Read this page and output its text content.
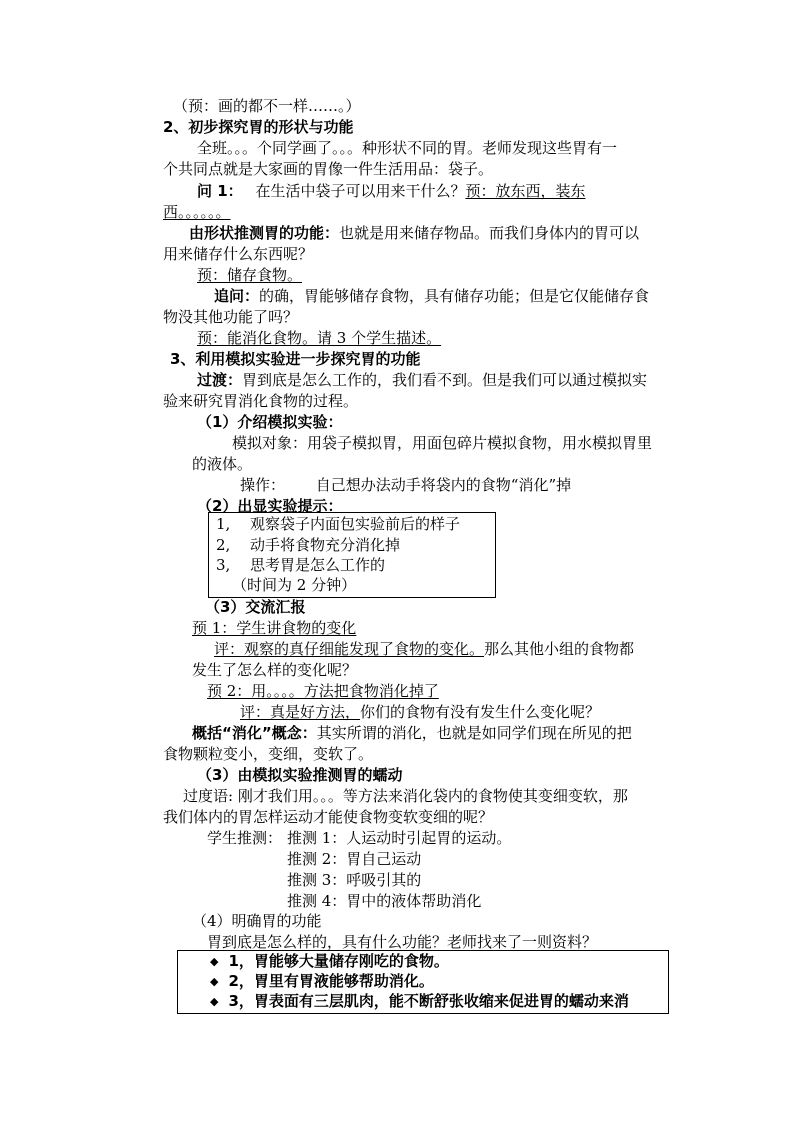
（预：画的都不一样……。）
2、初步探究胃的形状与功能
全班。。。个同学画了。。。种形状不同的胃。老师发现这些胃有一
个共同点就是大家画的胃像一件生活用品：袋子。
问 1： 在生活中袋子可以用来干什么？预：放东西，装东
西。。。。。。
由形状推测胃的功能：也就是用来储存物品。而我们身体内的胃可以
用来储存什么东西呢？
预：储存食物。
追问：的确，胃能够储存食物，具有储存功能；但是它仅能储存食
物没其他功能了吗？
预：能消化食物。请 3 个学生描述。
3、利用模拟实验进一步探究胃的功能
过渡：胃到底是怎么工作的，我们看不到。但是我们可以通过模拟实
验来研究胃消化食物的过程。
（1）介绍模拟实验：
模拟对象：用袋子模拟胃，用面包碎片模拟食物，用水模拟胃里
的液体。
操作： 自己想办法动手将袋内的食物“消化”掉
（2）出显实验提示：
1, 观察袋子内面包实验前后的样子
2, 动手将食物充分消化掉
3, 思考胃是怎么工作的
（时间为 2 分钟）
（3）交流汇报
预 1：学生讲食物的变化
评：观察的真仔细能发现了食物的变化。那么其他小组的食物都
发生了怎么样的变化呢？
预 2：用。。。。方法把食物消化掉了
评：真是好方法，你们的食物有没有发生什么变化呢？
概括“消化”概念：其实所谓的消化，也就是如同学们现在所见的把
食物颗粒变小，变细，变软了。
（3）由模拟实验推测胃的蠕动
过度语: 刚才我们用。。。等方法来消化袋内的食物使其变细变软，那
我们体内的胃怎样运动才能使食物变软变细的呢？
学生推测： 推测 1：人运动时引起胃的运动。
推测 2：胃自己运动
推测 3：呼吸引其的
推测 4：胃中的液体帮助消化
（4）明确胃的功能
胃到底是怎么样的，具有什么功能？老师找来了一则资料？
◆ 1，胃能够大量储存刚吃的食物。
◆ 2，胃里有胃液能够帮助消化。
◆ 3，胃表面有三层肌肉，能不断舒张收缩来促进胃的蠕动来消
